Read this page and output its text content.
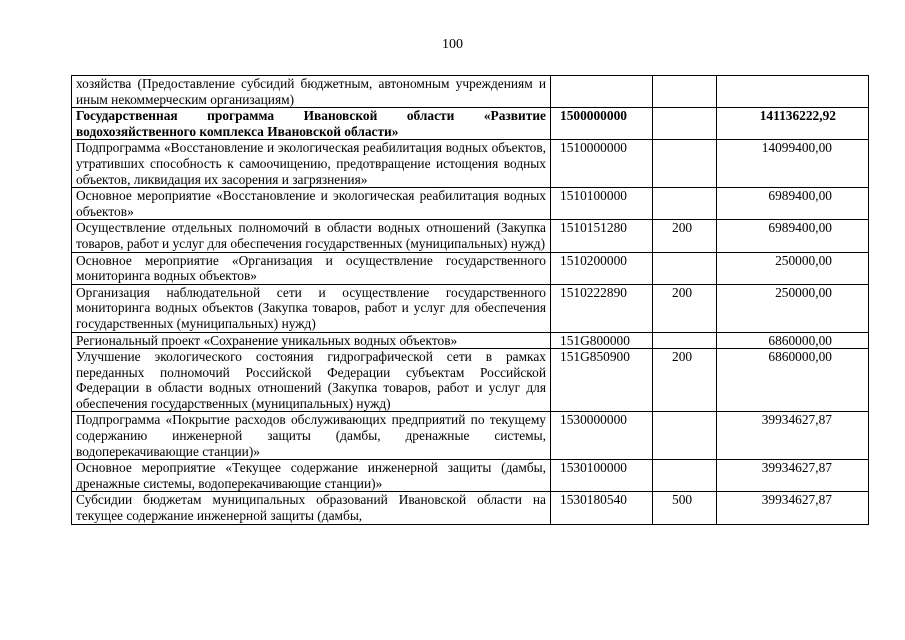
100
хозяйства (Предоставление субсидий бюджетным, автономным учреждениям и иным некоммерческим организациям)			
Государственная программа Ивановской области «Развитие водохозяйственного комплекса Ивановской области»	1500000000		141136222,92
Подпрограмма «Восстановление и экологическая реабилитация водных объектов, утративших способность к самоочищению, предотвращение истощения водных объектов, ликвидация их засорения и загрязнения»	1510000000		14099400,00
Основное мероприятие «Восстановление и экологическая реабилитация водных объектов»	1510100000		6989400,00
Осуществление отдельных полномочий в области водных отношений (Закупка товаров, работ и услуг для обеспечения государственных (муниципальных) нужд)	1510151280	200	6989400,00
Основное мероприятие «Организация и осуществление государственного мониторинга водных объектов»	1510200000		250000,00
Организация наблюдательной сети и осуществление государственного мониторинга водных объектов (Закупка товаров, работ и услуг для обеспечения государственных (муниципальных) нужд)	1510222890	200	250000,00
Региональный проект «Сохранение уникальных водных объектов»	151G800000		6860000,00
Улучшение экологического состояния гидрографической сети в рамках переданных полномочий Российской Федерации субъектам Российской Федерации в области водных отношений (Закупка товаров, работ и услуг для обеспечения государственных (муниципальных) нужд)	151G850900	200	6860000,00
Подпрограмма «Покрытие расходов обслуживающих предприятий по текущему содержанию инженерной защиты (дамбы, дренажные системы, водоперекачивающие станции)»	1530000000		39934627,87
Основное мероприятие «Текущее содержание инженерной защиты (дамбы, дренажные системы, водоперекачивающие станции)»	1530100000		39934627,87
Субсидии бюджетам муниципальных образований Ивановской области на текущее содержание инженерной защиты (дамбы,	1530180540	500	39934627,87
